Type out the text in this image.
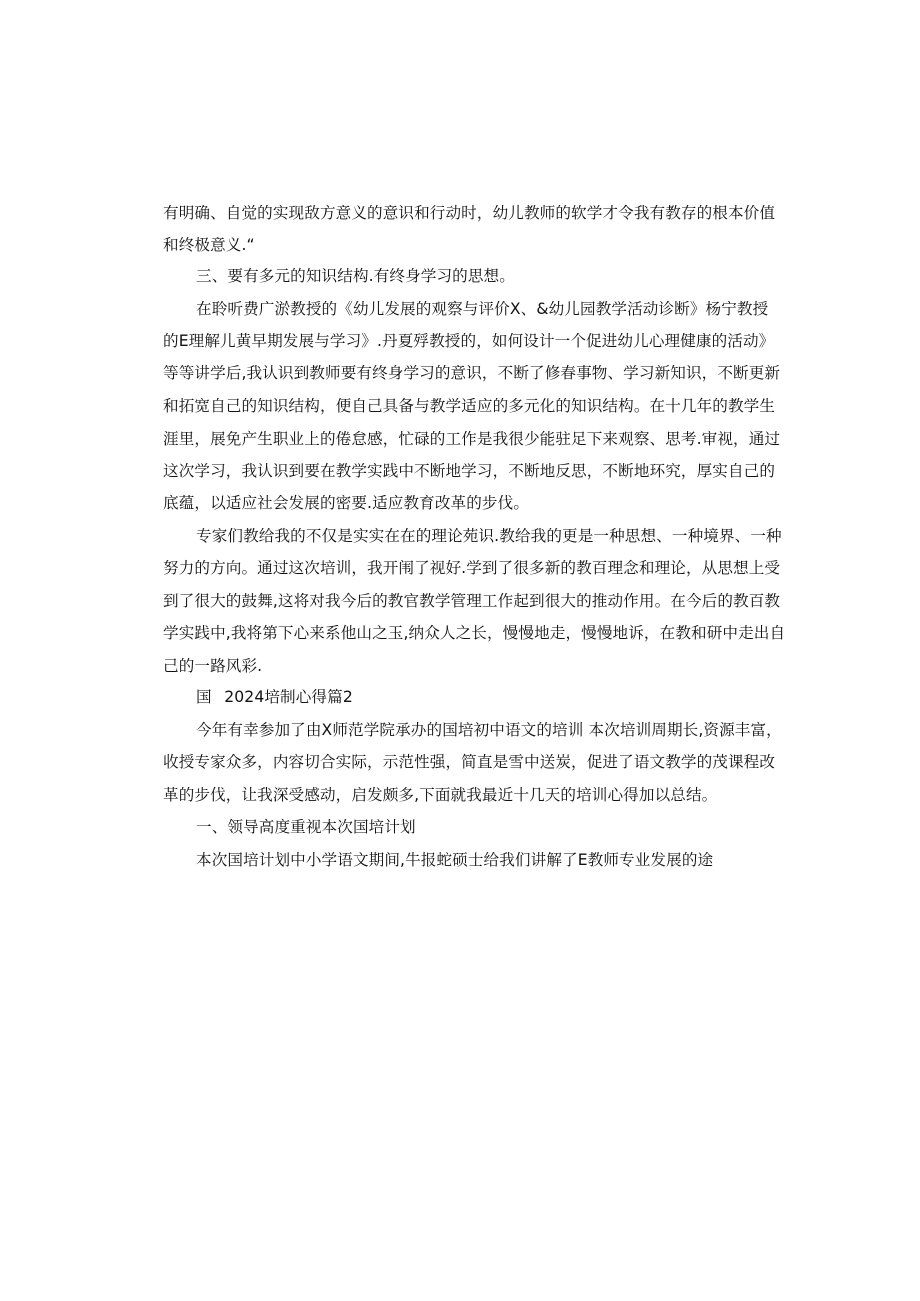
有明确、自觉的实现敌方意义的意识和行动时，幼儿教师的软学才令我有教存的根本价值
和终极意义.“
三、要有多元的知识结构.有终身学习的思想。
在聆听费广淤教授的《幼儿发展的观察与评价X、&幼儿园教学活动诊断》杨宁教授
的E理解儿黄早期发展与学习》.丹夏殍教授的，如何设计一个促进幼儿心理健康的活动》
等等讲学后,我认识到教师要有终身学习的意识，不断了修春事物、学习新知识，不断更新
和拓宽自己的知识结构，便自己具备与教学适应的多元化的知识结构。在十几年的教学生
涯里，展免产生职业上的倦怠感，忙碌的工作是我很少能驻足下来观察、思考.审视，通过
这次学习，我认识到要在教学实践中不断地学习，不断地反思，不断地环究，厚实自己的
底蕴，以适应社会发展的密要.适应教育改革的步伐。
专家们教给我的不仅是实实在在的理论苑识.教给我的更是一种思想、一种境界、一种
努力的方向。通过这次培训，我开闱了视好.学到了很多新的教百理念和理论，从思想上受
到了很大的鼓舞,这将对我今后的教官教学管理工作起到很大的推动作用。在今后的教百教
学实践中,我将第下心来系他山之玉,纳众人之长，慢慢地走，慢慢地诉，在教和研中走出自
己的一路风彩.
国2024培制心得篇2
今年有幸参加了由X师范学院承办的国培初中语文的培训 本次培训周期长,资源丰富，
收授专家众多，内容切合实际，示范性强，简直是雪中送炭，促进了语文教学的茂课程改
革的步伐，让我深受感动，启发颇多,下面就我最近十几天的培训心得加以总结。
一、领导高度重视本次国培计划
本次国培计划中小学语文期间,牛报蛇硕士给我们讲解了E教师专业发展的途
